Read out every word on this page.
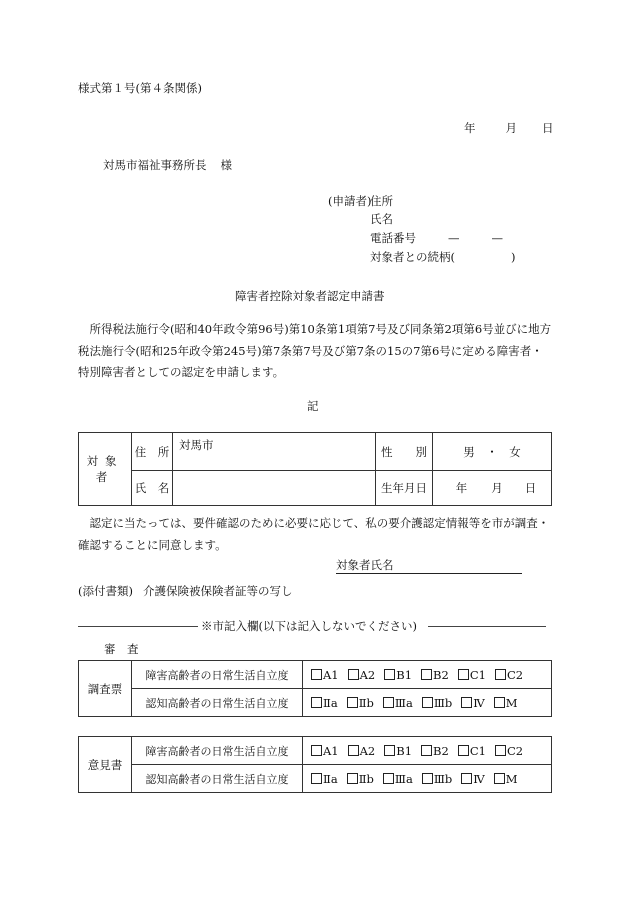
様式第１号(第４条関係)
年	月 日
対馬市福祉事務所長 様
(申請者)
住所
氏名
電話番号	—	—
対象者との続柄(	)
障害者控除対象者認定申請書
所得税法施行令(昭和40年政令第96号)第10条第1項第7号及び同条第2項第6号並びに地方税法施行令(昭和25年政令第245号)第7条第7号及び第7条の15の7第6号に定める障害者・特別障害者としての認定を申請します。
記
対象者	住　所	対馬市	性　　別	男　・　女
	氏　名		生年月日	年 月 日
認定に当たっては、要件確認のために必要に応じて、私の要介護認定情報等を市が調査・確認することに同意します。
対象者氏名
(添付書類) 介護保険被保険者証等の写し
※市記入欄(以下は記入しないでください)
審　査
調査票	障害高齢者の日常生活自立度	A1 A2 B1 B2 C1 C2
	認知高齢者の日常生活自立度	Ⅱa Ⅱb Ⅲa Ⅲb Ⅳ M
意見書	障害高齢者の日常生活自立度	A1 A2 B1 B2 C1 C2
	認知高齢者の日常生活自立度	Ⅱa Ⅱb Ⅲa Ⅲb Ⅳ M
